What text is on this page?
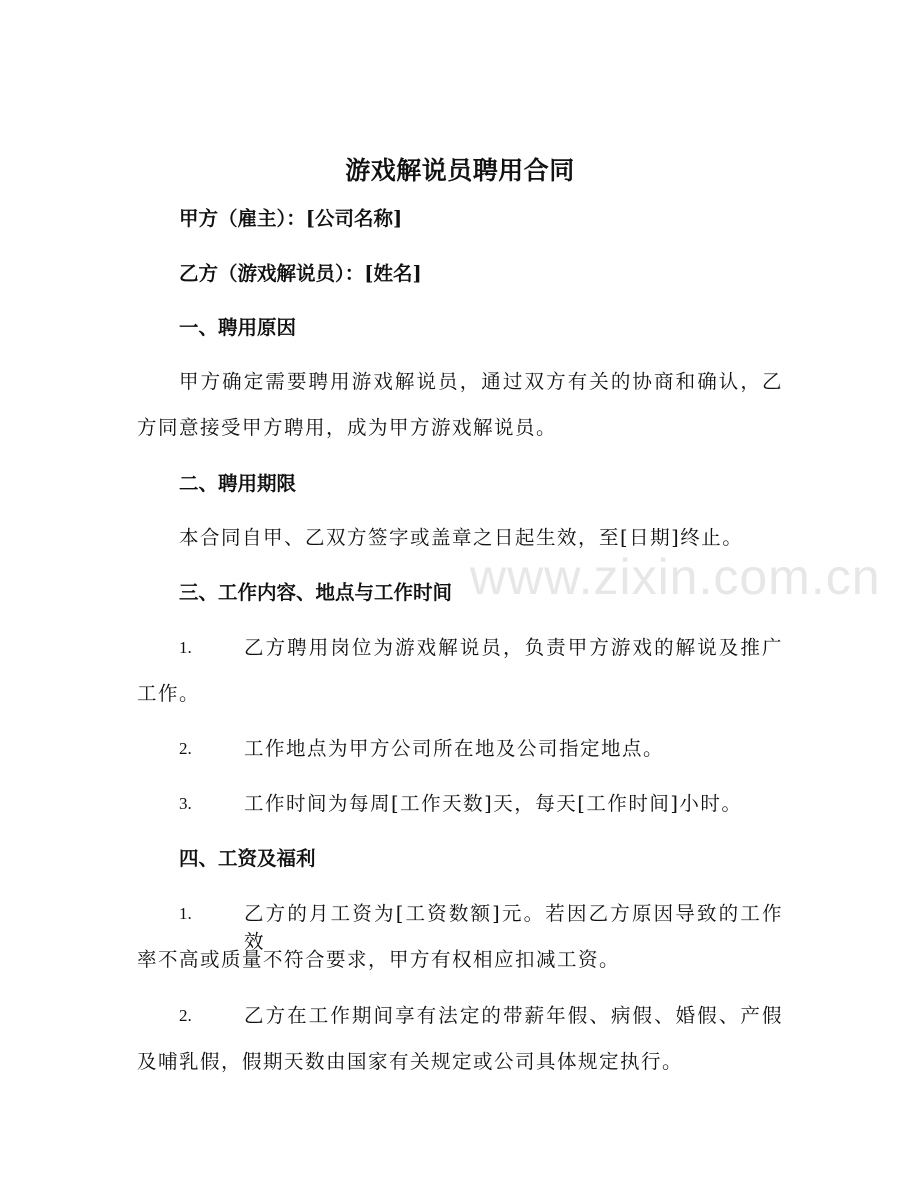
www.zixin.com.cn
游戏解说员聘用合同

甲方（雇主）：[公司名称]

乙方（游戏解说员）：[姓名]

一、聘用原因

甲方确定需要聘用游戏解说员，通过双方有关的协商和确认，乙

方同意接受甲方聘用，成为甲方游戏解说员。

二、聘用期限

本合同自甲、乙双方签字或盖章之日起生效，至[日期]终止。

三、工作内容、地点与工作时间

1.	乙方聘用岗位为游戏解说员，负责甲方游戏的解说及推广

工作。

2.	工作地点为甲方公司所在地及公司指定地点。
3.	工作时间为每周[工作天数]天，每天[工作时间]小时。

四、工资及福利

1.	乙方的月工资为[工资数额]元。若因乙方原因导致的工作效

率不高或质量不符合要求，甲方有权相应扣减工资。

2.	乙方在工作期间享有法定的带薪年假、病假、婚假、产假

及哺乳假，假期天数由国家有关规定或公司具体规定执行。
